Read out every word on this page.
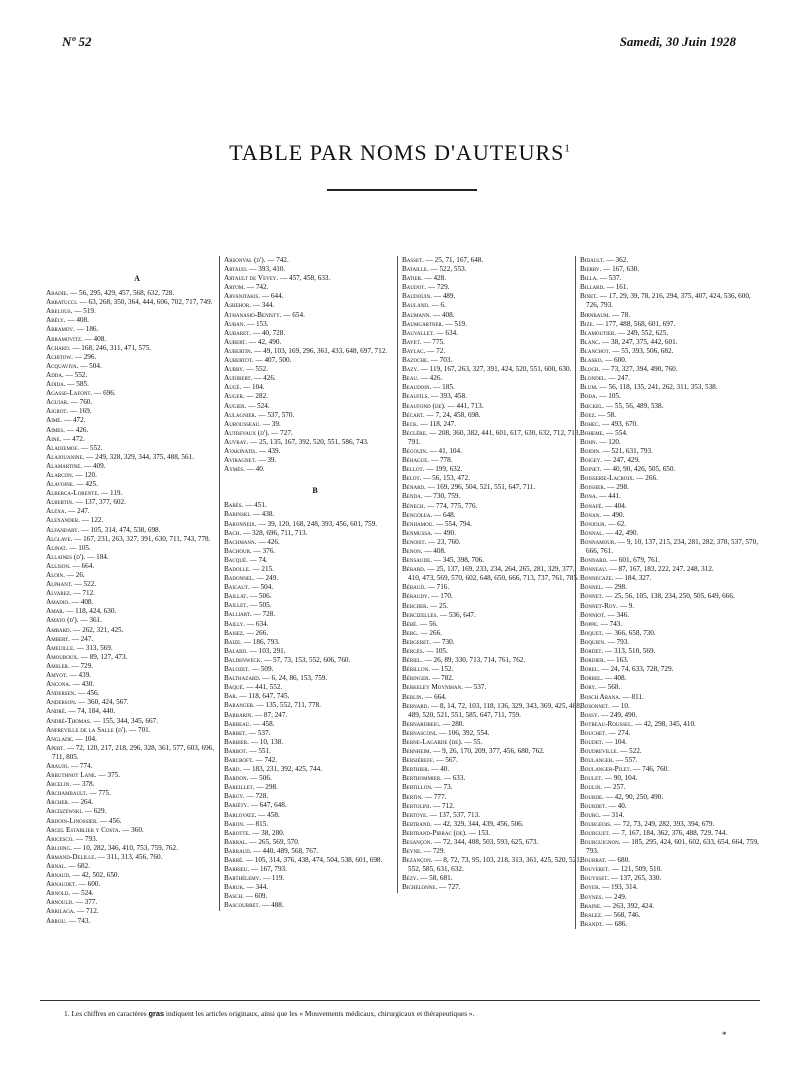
Nº 52	Samedi, 30 Juin 1928
TABLE PAR NOMS D'AUTEURS$^1$
A
Abadie. — 56, 295, 429, 457, 568, 632, 728.
Abbatucci. — 63, 268, 350, 364, 444, 606, 702, 717, 749.
Abelous. — 519.
Abély. — 408.
Abramov. — 186.
Abramovitz. — 408.
Achard. — 168, 246, 311, 471, 575.
Achitow. — 296.
Acquaviva. — 504.
Adda. — 552.
Adida. — 585.
Agasse-Lafont. — 696.
Aguiar. — 760.
Aigrot. — 169.
Aimé. — 472.
Aimes. — 426.
Aine. — 472.
Aladjemof. — 552.
Alajouanine. — 249, 328, 329, 344, 375, 488, 561.
Alamartine. — 409.
Alarcon. — 120.
Alavoine. — 425.
Alberca-Lorente. — 119.
Albertin. — 137, 377, 602.
Alexa. — 247.
Alexander. — 122.
Alfandary. — 105, 314, 474, 538, 698.
Alglave. — 167, 231, 263, 327, 391, 630, 711, 743, 778.
Alinat. — 105.
Allaines (d'). — 184.
Allison. — 664.
Aloin. — 26.
Alphant. — 522.
Alvarez. — 712.
Amadio. — 408.
Amar. — 118, 424, 630.
Amato (d'). — 361.
Ambard. — 262, 321, 425.
Ambert. — 247.
Ameuille. — 313, 569.
Amouroux. — 89, 127, 473.
Amsler. — 729.
Amyot. — 439.
Ancona. — 430.
Andersen. — 456.
Anderson. — 360, 424, 567.
André. — 74, 184, 440.
André-Thomas. — 155, 344, 345, 667.
Anfreville de la Salle (d'). — 701.
Anglade. — 104.
Apert. — 72, 120, 217, 218, 296, 328, 361, 577, 603, 696, 711, 805.
Araujo. — 774.
Arbuthnot Lane. — 375.
Arcelin. — 378.
Archambault. — 775.
Archer. — 264.
Arciszewski. — 629.
Ardoin-Linossier. — 456.
Argel Establier y Costa. — 360.
Aricesco. — 793.
Arloing. — 10, 282, 346, 410, 753, 759, 762.
Armand-Delille. — 311, 313, 456, 760.
Arnal. — 682.
Arnaud. — 42, 502, 650.
Arnaudet. — 600.
Arnold. — 524.
Arnould. — 377.
Arrilaga. — 712.
Arrou. — 743.
Arsonval (d'). — 742.
Artaud. — 393, 410.
Artault de Vevey. — 457, 458, 633.
Artom. — 742.
Arvanitakis. — 644.
Ashehor. — 344.
Athanasio-Benisty. — 654.
Auban. — 153.
Aubaret. — 40, 728.
Aubert. — 42, 490.
Aubertin. — 49, 103, 169, 296, 361, 433, 648, 697, 712.
Aubertot. — 407, 500.
Aubry. — 552.
Audibert. — 426.
Augé. — 104.
Auger. — 282.
Augier. — 524.
Aulagnier. — 537, 570.
Aurousseau. — 39.
Autrevaux (d'). — 727.
Auvray. — 25, 135, 167, 392, 520, 551, 586, 743.
Avakinatis. — 439.
Aviragnet. — 39.
Aymès. — 40.
B
Babès. — 451.
Babinski. — 438.
Baronneix. — 39, 120, 168, 248, 393, 456, 601, 759.
Bach. — 328, 696, 711, 713.
Bachmann. — 426.
Bachour. — 376.
Bacqué. — 74.
Badolle. — 215.
Badonnel. — 249.
Baigaut. — 504.
Baillat. — 506.
Baillet. — 505.
Balliart. — 728.
Bailly. — 634.
Baisez. — 266.
Baize. — 186, 793.
Balard. — 103, 291.
Baldenweck. — 57, 73, 153, 552, 606, 760.
Balozet. — 509.
Balthazard. — 6, 24, 86, 153, 759.
Baqué. — 441, 552.
Bar. — 118, 647, 745.
Baranger. — 135, 552, 711, 778.
Barbarin. — 87, 247.
Barbeau. — 458.
Barbet. — 537.
Barbier. — 10, 138.
Barbot. — 551.
Barcroft. — 742.
Bard. — 183, 231, 392, 425, 744.
Bardon. — 506.
Bareillet. — 298.
Bargy. — 728.
Bariéty. — 647, 648.
Barlovatz. — 458.
Baron. — 815.
Barotte. — 38, 280.
Barral. — 265, 569, 570.
Barraud. — 440, 489, 568, 767.
Barré. — 105, 314, 376, 438, 474, 504, 538, 601, 698.
Barrieu. — 167, 793.
Barthélemy. — 119.
Baruk. — 344.
Basch. — 609.
Bascourret. — 488.
Basset. — 25, 71, 167, 648.
Bataille. — 522, 553.
Batier. — 428.
Baudot. — 729.
Baudouin. — 489.
Bauland. — 6.
Baumann. — 408.
Baumgartner. — 519.
Bauvallet. — 634.
Bayet. — 775.
Baylac. — 72.
Bazoche. — 703.
Bazy. — 119, 167, 263, 327, 391, 424, 520, 551, 600, 630.
Beau. — 426.
Beaudoin. — 185.
Beaufils. — 393, 458.
Beaufond (de). — 441, 713.
Bécart. — 7, 24, 458, 698.
Beck. — 118, 247.
Béclère. — 208, 360, 382, 441, 601, 617, 630, 632, 712, 713, 791.
Bégouin. — 41, 104.
Béhague. — 778.
Bellot. — 199, 632.
Belot. — 56, 153, 472.
Bénard. — 169, 296, 504, 521, 551, 647, 711.
Benda. — 730, 759.
Bénech. — 774, 775, 776.
Bengolea. — 648.
Benhamou. — 554, 794.
Benmussa. — 490.
Benoist. — 23, 760.
Benon. — 408.
Bensaude. — 345, 398, 706.
Bérard. — 25, 137, 169, 233, 234, 264, 265, 281, 329, 377, 410, 473, 569, 570, 602, 648, 650, 666, 713, 737, 761, 785.
Béraud. — 716.
Béraudy. — 170.
Bercher. — 25.
Bercizelles. — 536, 647.
Béré. — 56.
Berg. — 266.
Bergeret. — 730.
Bergès. — 105.
Bériel. — 26, 89, 330, 713, 714, 761, 762.
Bérillon. — 152.
Béringer. — 782.
Berkeley Moynihan. — 537.
Berlin. — 664.
Bernard. — 8, 14, 72, 103, 118, 136, 329, 343, 369, 425, 488, 489, 520, 521, 551, 585, 647, 711, 759.
Bernardbeig. — 280.
Bernasconi. — 106, 392, 554.
Berne-Lagarde (de). — 55.
Bernheim. — 9, 26, 170, 209, 377, 456, 680, 762.
Bersiéreff. — 567.
Berthier. — 40.
Berthommier. — 633.
Bertillon. — 73.
Bertin. — 777.
Bertolini. — 712.
Bertoye. — 137, 537, 713.
Bertrand. — 42, 329, 344, 439, 456, 506.
Bertrand-Pibrac (de). — 153.
Besançon. — 72, 344, 408, 503, 593, 625, 673.
Beyne. — 729.
Bezançon. — 8, 72, 73, 95, 103, 218, 313, 361, 425, 520, 521, 552, 585, 631, 632.
Bézy. — 58, 681.
Bichelonne. — 727.
Bidault. — 362.
Bierry. — 167, 630.
Billa. — 537.
Billard. — 161.
Binet. — 17, 29, 39, 78, 216, 294, 375, 407, 424, 536, 600, 726, 793.
Birnbaum. — 78.
Bize. — 177, 488, 568, 601, 697.
Blamoutier. — 249, 552, 625.
Blanc. — 38, 247, 375, 442, 601.
Blanchot. — 55, 393, 506, 682.
Blasko. — 600.
Bloch. — 73, 327, 394, 490, 760.
Blondel. — 247.
Blum. — 56, 118, 135, 241, 262, 311, 353, 538.
Boda. — 105.
Bœckel. — 55, 56, 489, 538.
Boez. — 58.
Bohec. — 493, 670.
Boheme. — 554.
Bohn. — 120.
Boidin. — 521, 631, 793.
Boigey. — 247, 429.
Boinet. — 40, 90, 426, 505, 650.
Boisserie-Lacroix. — 266.
Boissier. — 298.
Bona. — 441.
Bonafé. — 404.
Bonan. — 490.
Bonjour. — 62.
Bonnal. — 42, 490.
Bonnamour. — 9, 10, 137, 215, 234, 281, 282, 378, 537, 570, 666, 761.
Bonnard. — 601, 679, 761.
Bonneau. — 87, 167, 183, 222, 247, 248, 312.
Bonnecaze. — 184, 327.
Bonnel. — 298.
Bonnet. — 25, 56, 105, 138, 234, 250, 505, 649, 666.
Bonnet-Roy. — 9.
Bonniot. — 346.
Boppe. — 743.
Boquet. — 366, 658, 730.
Boquien. — 793.
Bordet. — 313, 510, 569.
Bordier. — 163.
Borel. — 24, 74, 633, 728, 729.
Borrel. — 408.
Bory. — 568.
Bosch Arana. — 811.
Bosonnet. — 10.
Bossy. — 249, 490.
Botreau-Roussel. — 42, 298, 345, 410.
Bouchet. — 274.
Boudet. — 104.
Boudreville. — 522.
Boulanger. — 557.
Boulanger-Pilet. — 746, 760.
Boulet. — 90, 104.
Boulin. — 257.
Bourde. — 42, 90, 250, 490.
Bourdet. — 40.
Bourg. — 314.
Bourgeois. — 72, 73, 249, 282, 393, 394, 679.
Bourguet. — 7, 167, 184, 362, 376, 488, 729, 744.
Bourguignon. — 185, 295, 424, 601, 602, 633, 654, 664, 759, 793.
Bourrat. — 680.
Bouveret. — 121, 509, 510.
Bouysset. — 137, 265, 330.
Boyer. — 193, 314.
Boynes. — 249.
Braine. — 263, 392, 424.
Bralez. — 568, 746.
Brandt. — 686.
1. Les chiffres en caractères gras indiquent les articles originaux, ainsi que les « Mouvements médicaux, chirurgicaux et thérapeutiques ».
*
